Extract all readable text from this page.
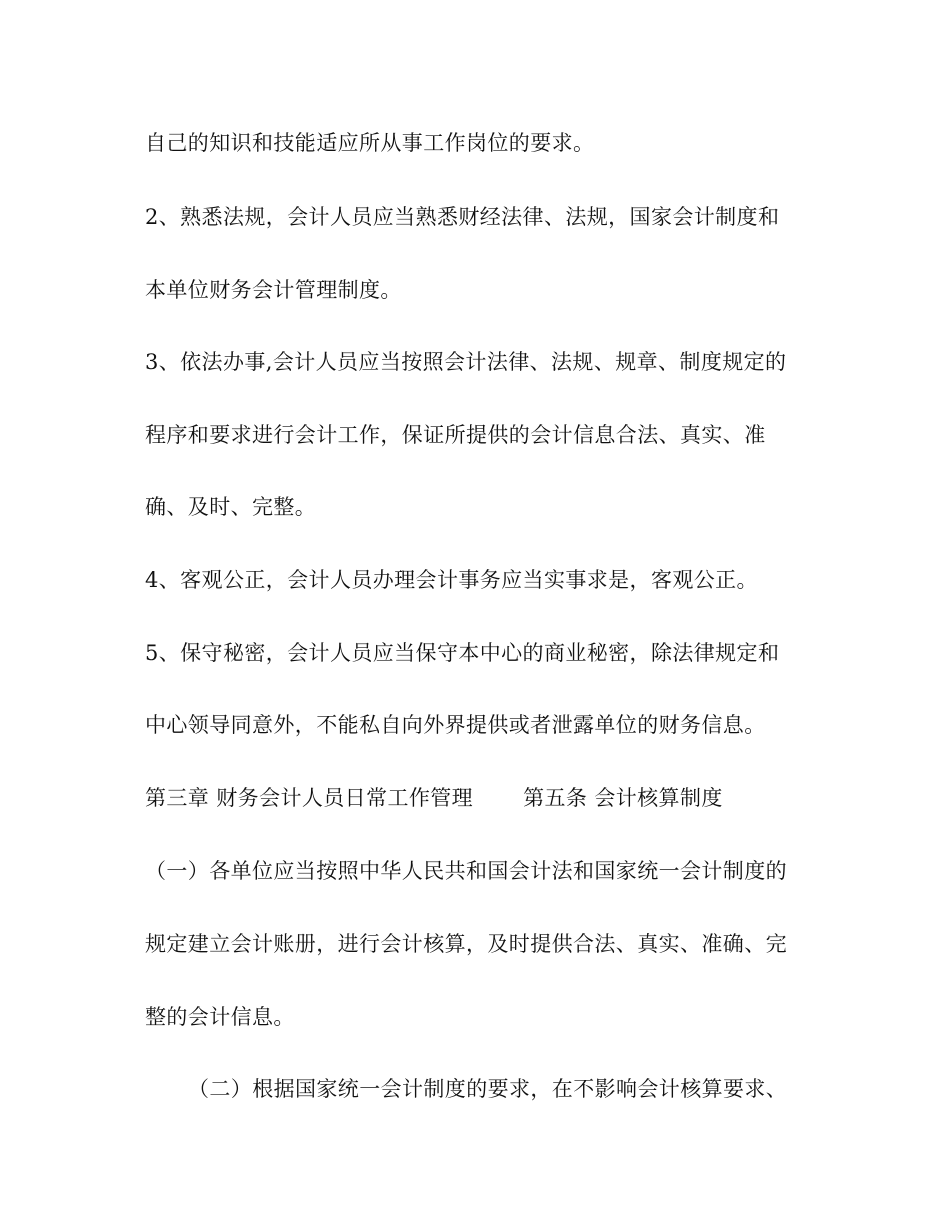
自己的知识和技能适应所从事工作岗位的要求。
2、熟悉法规，会计人员应当熟悉财经法律、法规，国家会计制度和
本单位财务会计管理制度。
3、依法办事,会计人员应当按照会计法律、法规、规章、制度规定的
程序和要求进行会计工作，保证所提供的会计信息合法、真实、准
确、及时、完整。
4、客观公正，会计人员办理会计事务应当实事求是，客观公正。
5、保守秘密，会计人员应当保守本中心的商业秘密，除法律规定和
中心领导同意外，不能私自向外界提供或者泄露单位的财务信息。
第三章 财务会计人员日常工作管理 第五条 会计核算制度
（一）各单位应当按照中华人民共和国会计法和国家统一会计制度的
规定建立会计账册，进行会计核算，及时提供合法、真实、准确、完
整的会计信息。
（二）根据国家统一会计制度的要求，在不影响会计核算要求、
